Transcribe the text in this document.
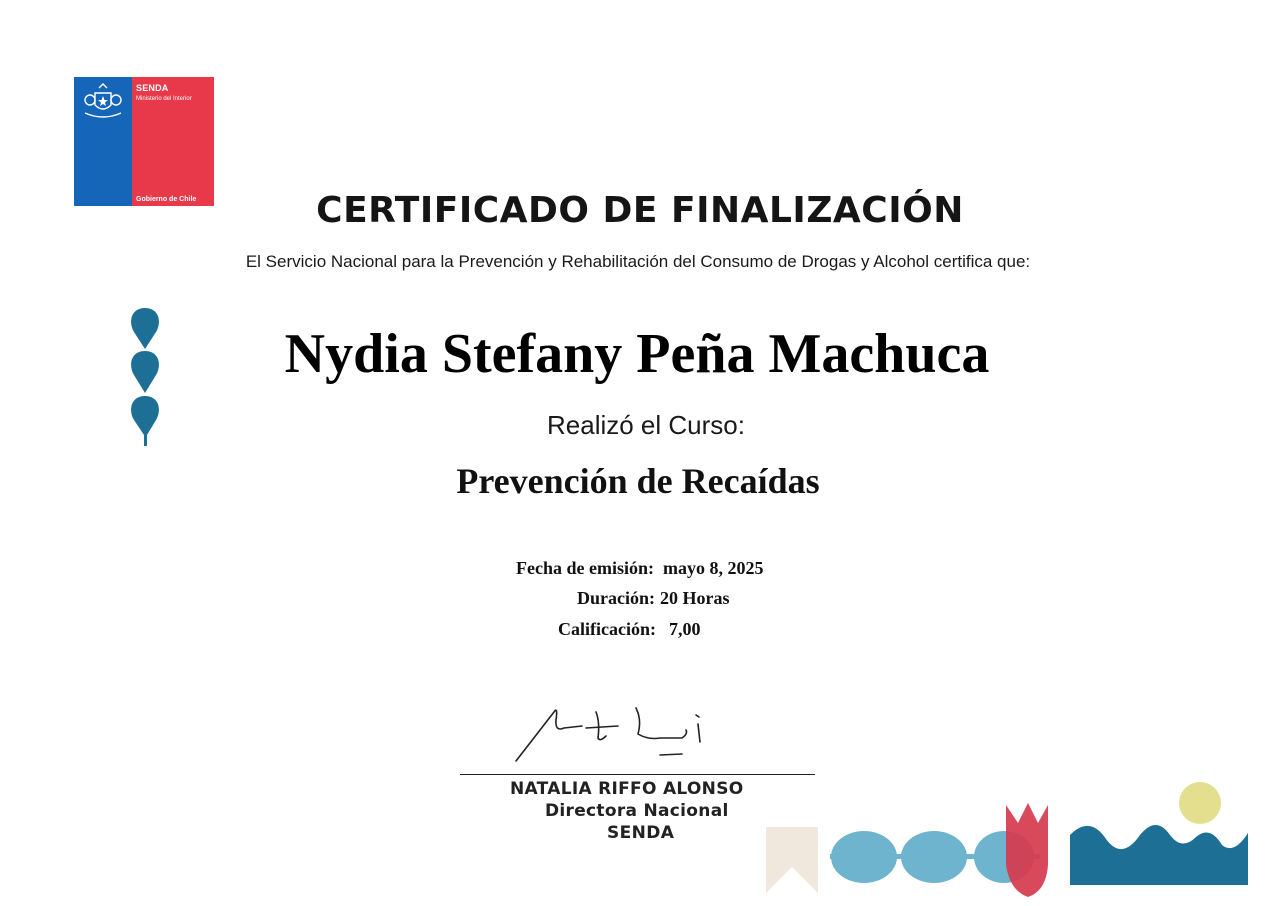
SENDA
Ministerio del Interior
Gobierno de Chile	CERTIFICADO DE FINALIZACIÓN
El Servicio Nacional para la Prevención y Rehabilitación del Consumo de Drogas y Alcohol certifica que:
Nydia Stefany Peña Machuca
Realizó el Curso:
Prevención de Recaídas
Fecha de emisión: mayo 8, 2025
Duración: 20 Horas
Calificación: 7,00
NATALIA RIFFO ALONSO
Directora Nacional
SENDA
